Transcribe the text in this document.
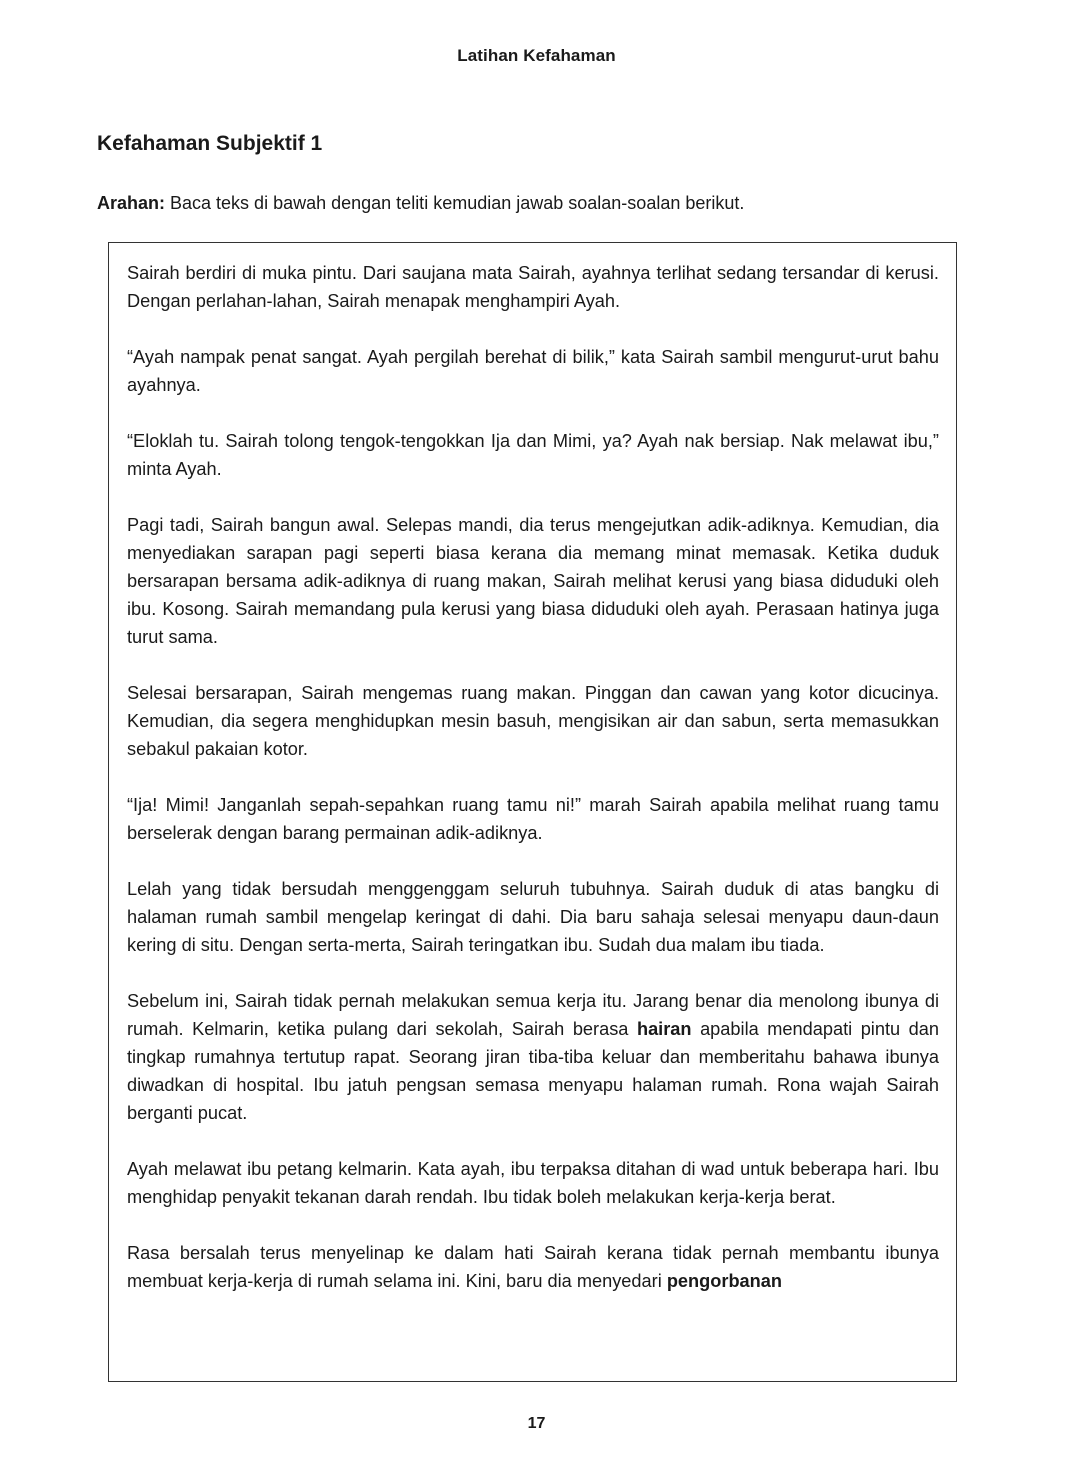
Latihan Kefahaman
Kefahaman Subjektif 1
Arahan: Baca teks di bawah dengan teliti kemudian jawab soalan-soalan berikut.

Sairah berdiri di muka pintu. Dari saujana mata Sairah, ayahnya terlihat sedang tersandar di kerusi. Dengan perlahan-lahan, Sairah menapak menghampiri Ayah.

“Ayah nampak penat sangat. Ayah pergilah berehat di bilik,” kata Sairah sambil mengurut-urut bahu ayahnya.

“Eloklah tu. Sairah tolong tengok-tengokkan Ija dan Mimi, ya? Ayah nak bersiap. Nak melawat ibu,” minta Ayah.

Pagi tadi, Sairah bangun awal. Selepas mandi, dia terus mengejutkan adik-adiknya. Kemudian, dia menyediakan sarapan pagi seperti biasa kerana dia memang minat memasak. Ketika duduk bersarapan bersama adik-adiknya di ruang makan, Sairah melihat kerusi yang biasa diduduki oleh ibu. Kosong. Sairah memandang pula kerusi yang biasa diduduki oleh ayah. Perasaan hatinya juga turut sama.

Selesai bersarapan, Sairah mengemas ruang makan. Pinggan dan cawan yang kotor dicucinya. Kemudian, dia segera menghidupkan mesin basuh, mengisikan air dan sabun, serta memasukkan sebakul pakaian kotor.

“Ija! Mimi! Janganlah sepah-sepahkan ruang tamu ni!” marah Sairah apabila melihat ruang tamu berselerak dengan barang permainan adik-adiknya.

Lelah yang tidak bersudah menggenggam seluruh tubuhnya. Sairah duduk di atas bangku di halaman rumah sambil mengelap keringat di dahi. Dia baru sahaja selesai menyapu daun-daun kering di situ. Dengan serta-merta, Sairah teringatkan ibu. Sudah dua malam ibu tiada.

Sebelum ini, Sairah tidak pernah melakukan semua kerja itu. Jarang benar dia menolong ibunya di rumah. Kelmarin, ketika pulang dari sekolah, Sairah berasa hairan apabila mendapati pintu dan tingkap rumahnya tertutup rapat. Seorang jiran tiba-tiba keluar dan memberitahu bahawa ibunya diwadkan di hospital. Ibu jatuh pengsan semasa menyapu halaman rumah. Rona wajah Sairah berganti pucat.

Ayah melawat ibu petang kelmarin. Kata ayah, ibu terpaksa ditahan di wad untuk beberapa hari. Ibu menghidap penyakit tekanan darah rendah. Ibu tidak boleh melakukan kerja-kerja berat.

Rasa bersalah terus menyelinap ke dalam hati Sairah kerana tidak pernah membantu ibunya membuat kerja-kerja di rumah selama ini. Kini, baru dia menyedari pengorbanan

17
